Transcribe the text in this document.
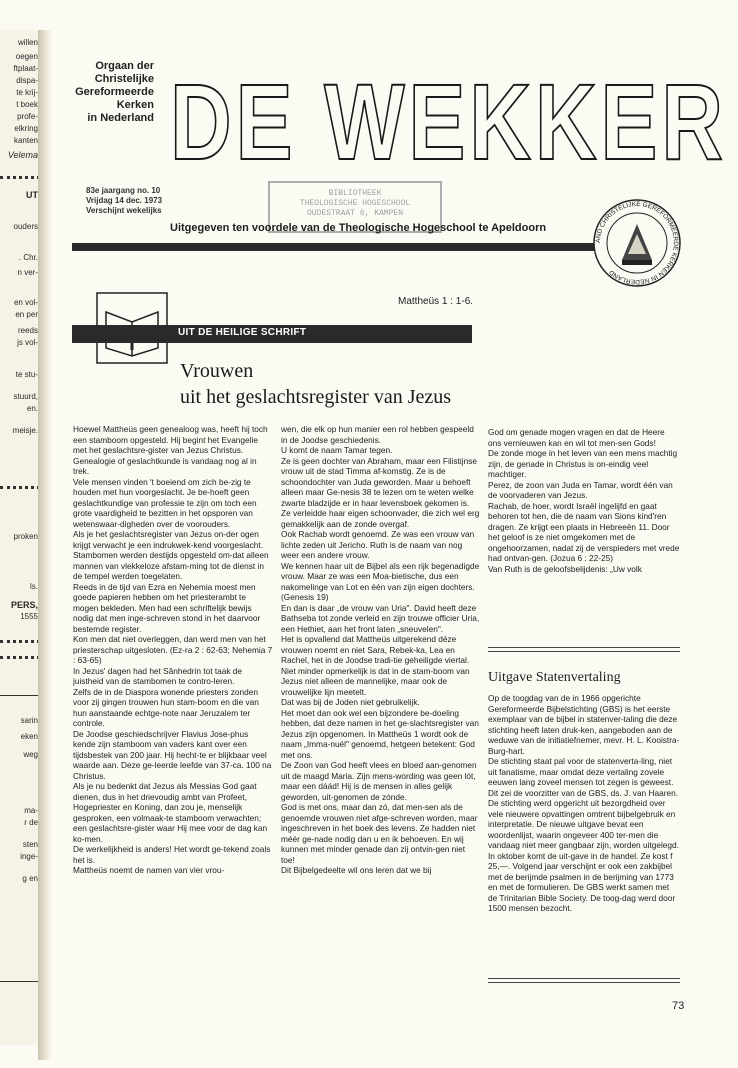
willen
oegen
ftplaat-
dispa-
te krij-
t boek
profe-
elkring
kanten
Velema
UT
ouders
. Chr.
n ver-
en vol-
en per
reeds
js vol-
te stu-
stuurd,
en.
meisje.
proken
ls.
PERS,
1555
sarin
eken
weg
ma-
r de
sten
inge-
g en
Orgaan der
Christelijke
Gereformeerde
Kerken
in Nederland DE WEKKER
83e jaargang no. 10
Vrijdag 14 dec. 1973
Verschijnt wekelijks
BIBLIOTHEEK
THEOLOGISCHE HOGESCHOOL
OUDESTRAAT 6, KAMPEN
Uitgegeven ten voordele van de Theologische Hogeschool te Apeldoorn
AND CHRISTELIJKE GEREFORMEERDE KERKEN IN NEDERLAND
Mattheüs 1 : 1-6.
UIT DE HEILIGE SCHRIFT
Vrouwen
uit het geslachtsregister van Jezus

Hoewel Mattheüs geen genealoog was, heeft hij toch een stamboom opgesteld. Hij begint het Evangelie met het geslachtsre-gister van Jezus Christus.

Genealogie of geslachtkunde is vandaag nog al in trek.

Vele mensen vinden 't boeiend om zich be-zig te houden met hun voorgeslacht. Je be-hoeft geen geslachtkundige van professie te zijn om toch een grote vaardigheid te bezitten in het opsporen van wetenswaar-digheden over de voorouders.

Als je het geslachtsregister van Jezus on-der ogen krijgt verwacht je een indrukwek-kend voorgeslacht.

Stambomen werden destijds opgesteld om-dat alleen mannen van vlekkeloze afstam-ming tot de dienst in de tempel werden toegelaten.

Reeds in de tijd van Ezra en Nehemia moest men goede papieren hebben om het priesterambt te mogen bekleden. Men had een schriftelijk bewijs nodig dat men inge-schreven stond in het daarvoor bestemde register.

Kon men dat niet overleggen, dan werd men van het priesterschap uitgesloten. (Ez-ra 2 : 62-63; Nehemia 7 : 63-65)

In Jezus' dagen had het Sânhedrin tot taak de juistheid van de stambomen te contro-leren.

Zelfs de in de Diaspora wonende priesters zonden voor zij gingen trouwen hun stam-boom en die van hun aanstaande echtge-note naar Jeruzalem ter controle.

De Joodse geschiedschrijver Flavius Jose-phus kende zijn stamboom van vaders kant over een tijdsbestek van 200 jaar. Hij hecht-te er blijkbaar veel waarde aan. Deze ge-leerde leefde van 37-ca. 100 na Christus.

Als je nu bedenkt dat Jezus als Messias God gaat dienen, dus in het drievoudig ambt van Profeet, Hogepriester en Koning, dan zou je, menselijk gesproken, een volmaak-te stamboom verwachten; een geslachtsre-gister waar Hij mee voor de dag kan ko-men.

De werkelijkheid is anders! Het wordt ge-tekend zoals het is.

Mattheüs noemt de namen van vier vrou-

wen, die elk op hun manier een rol hebben gespeeld in de Joodse geschiedenis.

U komt de naam Tamar tegen.

Ze is geen dochter van Abraham, maar een Filistijnse vrouw uit de stad Timma af-komstig. Ze is de schoondochter van Juda geworden. Maar u behoeft alleen maar Ge-nesis 38 te lezen om te weten welke zwarte bladzijde er in haar levensboek gekomen is. Ze verleidde haar eigen schoonvader, die zich wel erg gemakkelijk aan de zonde overgaf.

Ook Rachab wordt genoemd. Ze was een vrouw van lichte zeden uit Jericho. Ruth is de naam van nog weer een andere vrouw.

We kennen haar uit de Bijbel als een rijk begenadigde vrouw. Maar ze was een Moa-bietische, dus een nakomelinge van Lot en één van zijn eigen dochters. (Genesis 19)

En dan is daar „de vrouw van Uria". David heeft deze Bathseba tot zonde verleid en zijn trouwe officier Uria, een Hethiet, aan het front laten „sneuvelen".

Het is opvallend dat Mattheüs uitgerekend déze vrouwen noemt en niet Sara, Rebek-ka, Lea en Rachel, het in de Joodse tradi-tie geheiligde viertal.

Niet minder opmerkelijk is dat in de stam-boom van Jezus niet alleen de mannelijke, maar ook de vrouwelijke lijn meetelt.

Dat was bij de Joden niet gebruikelijk.

Het moet dan ook wel een bijzondere be-doeling hebben, dat deze namen in het ge-slachtsregister van Jezus zijn opgenomen. In Mattheüs 1 wordt ook de naam „Imma-nuël" genoemd, hetgeen betekent: God met ons.

De Zoon van God heeft vlees en bloed aan-genomen uit de maagd Maria. Zijn mens-wording was geen lót, maar een dáád! Hij is de mensen in alles gelijk geworden, uit-genomen de zónde.

God is met ons, maar dan zó, dat men-sen als de genoemde vrouwen niet afge-schreven worden, maar ingeschreven in het boek des levens. Ze hadden niet méér ge-nade nodig dan u en ik behoeven. En wij kunnen met minder genade dan zij ontvin-gen niet toe!

Dit Bijbelgedeelte wil ons leren dat we bij

God om genade mogen vragen en dat de Heere ons vernieuwen kan en wil tot men-sen Gods!

De zonde moge in het leven van een mens machtig zijn, de genade in Christus is on-eindig veel machtiger.

Perez, de zoon van Juda en Tamar, wordt één van de voorvaderen van Jezus.

Rachab, de hoer, wordt Israël ingelijfd en gaat behoren tot hen, die de naam van Sions kind'ren dragen. Ze krijgt een plaats in Hebreeën 11. Door het geloof is ze niet omgekomen met de ongehoorzamen, nadat zij de verspieders met vrede had ontvan-gen. (Jozua 6 : 22-25)

Van Ruth is de geloofsbelijdenis: „Uw volk

Uitgave Statenvertaling

Op de toogdag van de in 1966 opgerichte Gereformeerde Bijbelstichting (GBS) is het eerste exemplaar van de bijbel in statenver-taling die deze stichting heeft laten druk-ken, aangeboden aan de weduwe van de initiatiefnemer, mevr. H. L. Kooistra-Burg-hart.

De stichting staat pal voor de statenverta-ling, niet uit fanatisme, maar omdat deze vertaling zovele eeuwen lang zoveel mensen tot zegen is geweest. Dit zei de voorzitter van de GBS, ds. J. van Haaren. De stichting werd opgericht uit bezorgdheid over vele nieuwere opvattingen omtrent bijbelgebruik en interpretatie. De nieuwe uitgave bevat een woordenlijst, waarin ongeveer 400 ter-men die vandaag niet meer gangbaar zijn, worden uitgelegd. In oktober komt de uit-gave in de handel. Ze kost f 25,—. Volgend jaar verschijnt er ook een zakbijbel met de berijmde psalmen in de berijming van 1773 en met de formulieren. De GBS werkt samen met de Trinitarian Bible Society. De toog-dag werd door 1500 mensen bezocht.

73
